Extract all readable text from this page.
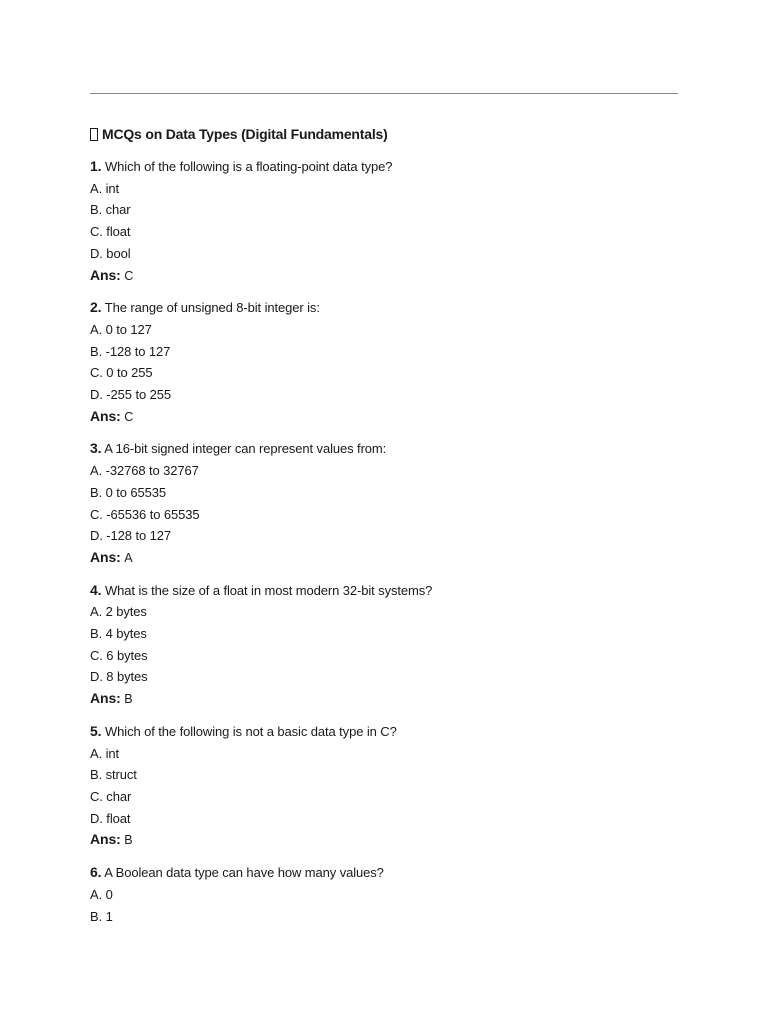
MCQs on Data Types (Digital Fundamentals)
1. Which of the following is a floating-point data type?
A. int
B. char
C. float
D. bool
Ans: C
2. The range of unsigned 8-bit integer is:
A. 0 to 127
B. -128 to 127
C. 0 to 255
D. -255 to 255
Ans: C
3. A 16-bit signed integer can represent values from:
A. -32768 to 32767
B. 0 to 65535
C. -65536 to 65535
D. -128 to 127
Ans: A
4. What is the size of a float in most modern 32-bit systems?
A. 2 bytes
B. 4 bytes
C. 6 bytes
D. 8 bytes
Ans: B
5. Which of the following is not a basic data type in C?
A. int
B. struct
C. char
D. float
Ans: B
6. A Boolean data type can have how many values?
A. 0
B. 1
